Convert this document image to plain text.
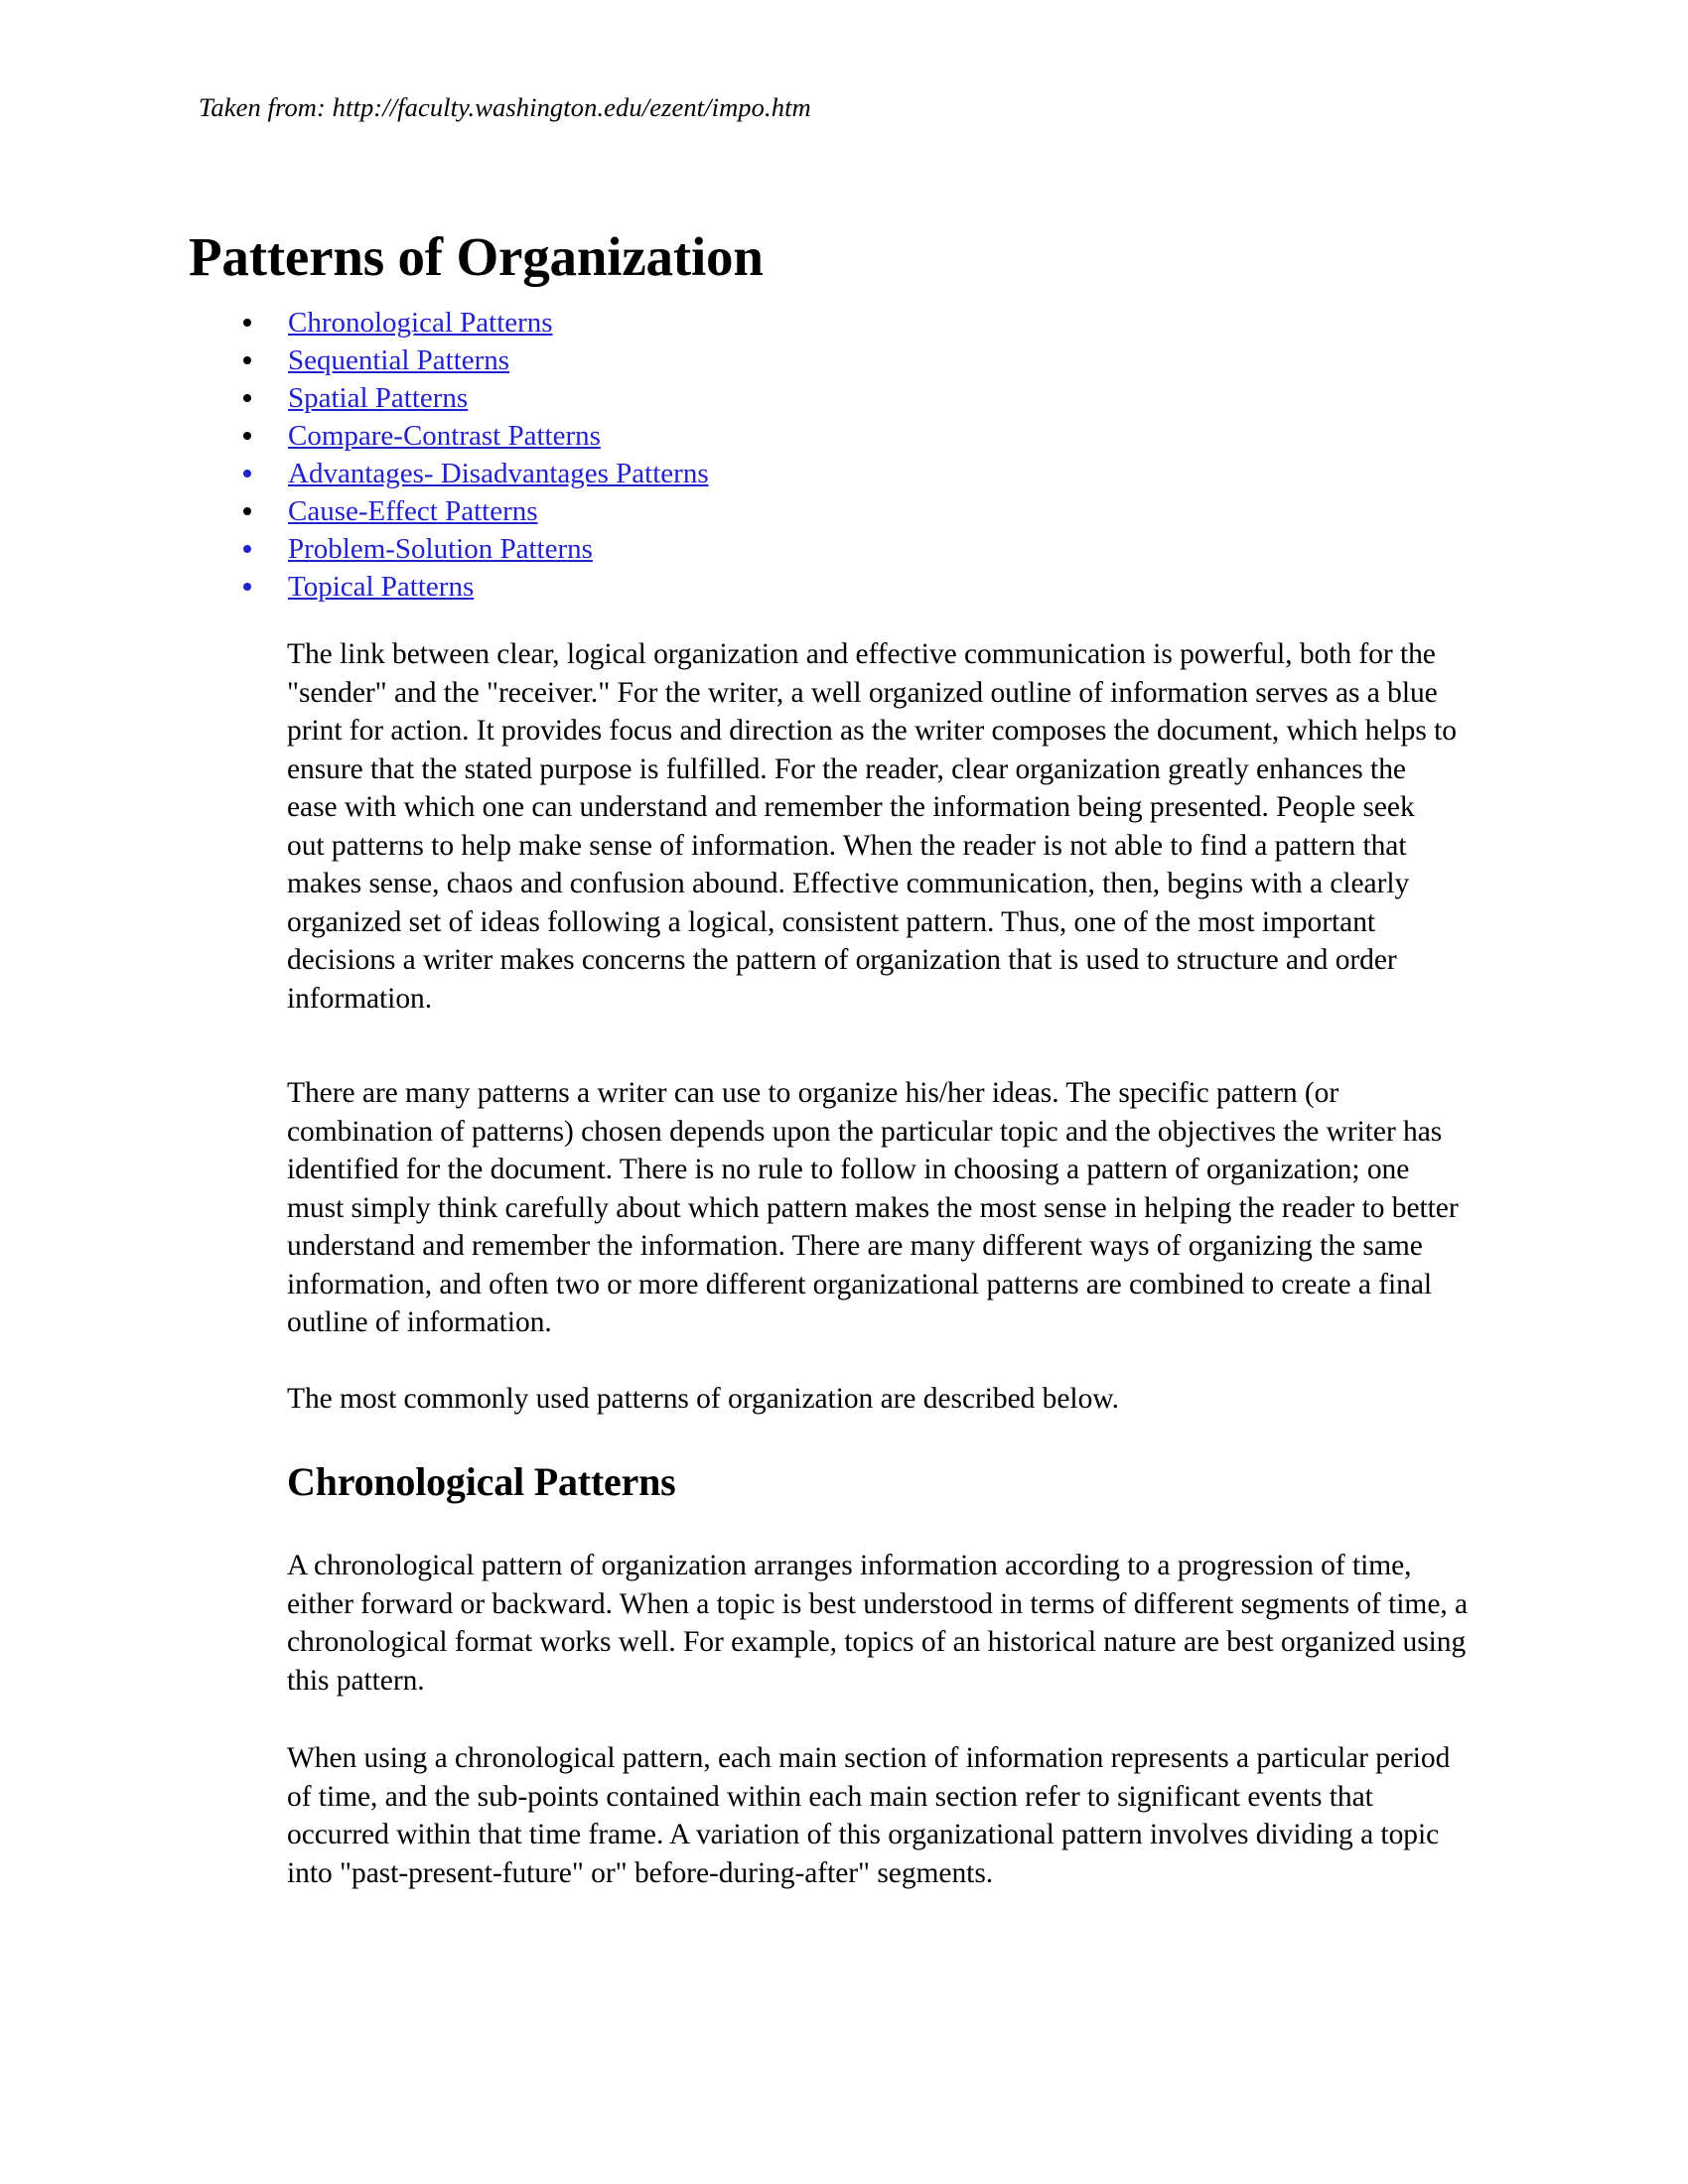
Taken from: http://faculty.washington.edu/ezent/impo.htm
Patterns of Organization
Chronological Patterns
Sequential Patterns
Spatial Patterns
Compare-Contrast Patterns
Advantages- Disadvantages Patterns
Cause-Effect Patterns
Problem-Solution Patterns
Topical Patterns

The link between clear, logical organization and effective communication is powerful, both for the "sender" and the "receiver." For the writer, a well organized outline of information serves as a blue print for action. It provides focus and direction as the writer composes the document, which helps to ensure that the stated purpose is fulfilled. For the reader, clear organization greatly enhances the ease with which one can understand and remember the information being presented. People seek out patterns to help make sense of information. When the reader is not able to find a pattern that makes sense, chaos and confusion abound. Effective communication, then, begins with a clearly organized set of ideas following a logical, consistent pattern. Thus, one of the most important decisions a writer makes concerns the pattern of organization that is used to structure and order information.

There are many patterns a writer can use to organize his/her ideas. The specific pattern (or combination of patterns) chosen depends upon the particular topic and the objectives the writer has identified for the document. There is no rule to follow in choosing a pattern of organization; one must simply think carefully about which pattern makes the most sense in helping the reader to better understand and remember the information. There are many different ways of organizing the same information, and often two or more different organizational patterns are combined to create a final outline of information.

The most commonly used patterns of organization are described below.

Chronological Patterns

A chronological pattern of organization arranges information according to a progression of time, either forward or backward. When a topic is best understood in terms of different segments of time, a chronological format works well. For example, topics of an historical nature are best organized using this pattern.

When using a chronological pattern, each main section of information represents a particular period of time, and the sub-points contained within each main section refer to significant events that occurred within that time frame. A variation of this organizational pattern involves dividing a topic into "past-present-future" or" before-during-after" segments.
